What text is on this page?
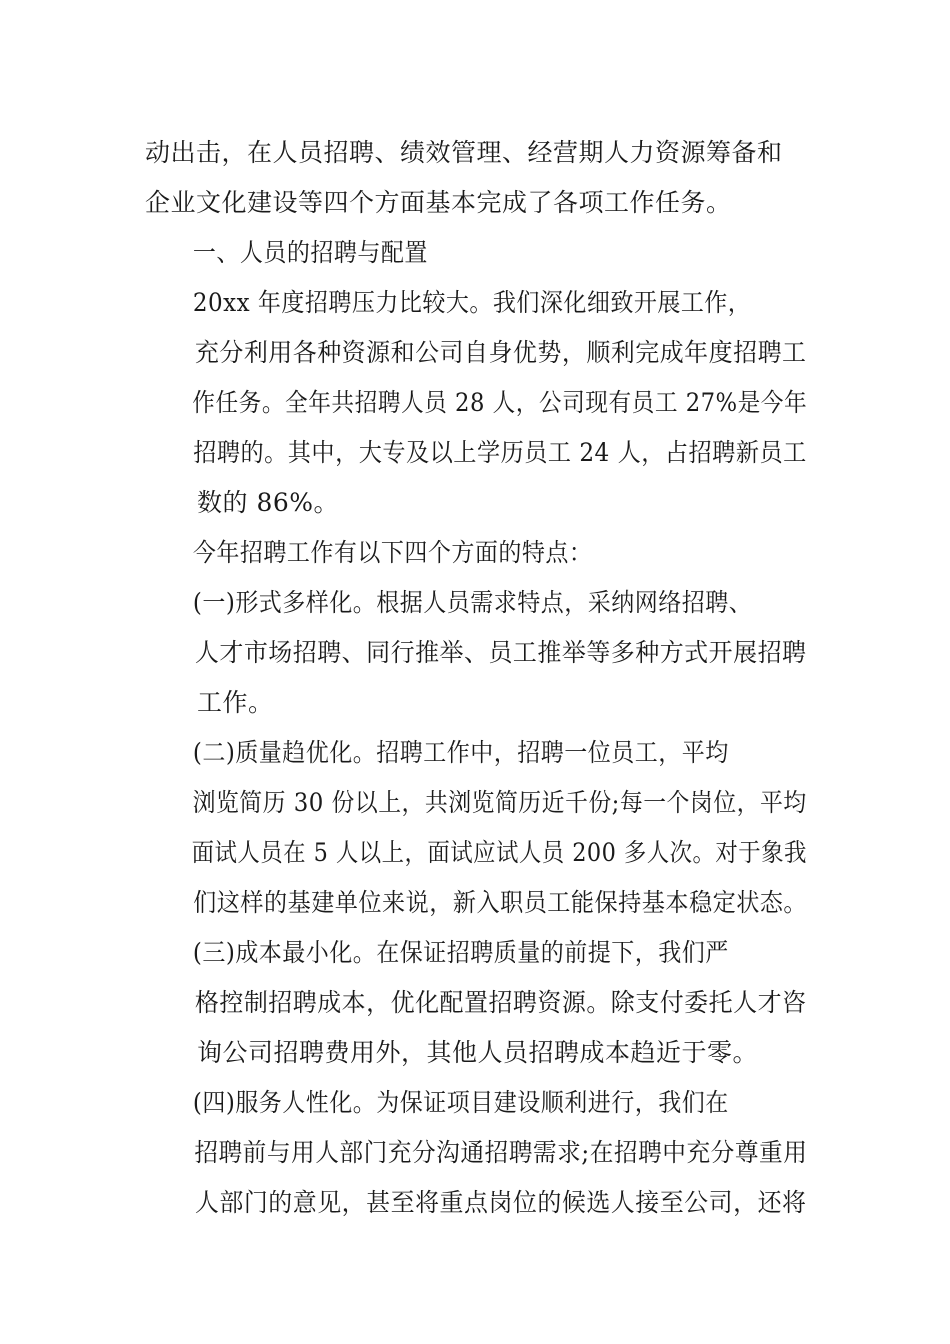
动出击，在人员招聘、绩效管理、经营期人力资源筹备和
企业文化建设等四个方面基本完成了各项工作任务。
一、人员的招聘与配置
20xx 年度招聘压力比较大。我们深化细致开展工作，
充分利用各种资源和公司自身优势，顺利完成年度招聘工
作任务。全年共招聘人员 28 人，公司现有员工 27%是今年
招聘的。其中，大专及以上学历员工 24 人，占招聘新员工
数的 86%。
今年招聘工作有以下四个方面的特点：
(一)形式多样化。根据人员需求特点，采纳网络招聘、
人才市场招聘、同行推举、员工推举等多种方式开展招聘
工作。
(二)质量趋优化。招聘工作中，招聘一位员工，平均
浏览简历 30 份以上，共浏览简历近千份;每一个岗位，平均
面试人员在 5 人以上，面试应试人员 200 多人次。对于象我
们这样的基建单位来说，新入职员工能保持基本稳定状态。
(三)成本最小化。在保证招聘质量的前提下，我们严
格控制招聘成本，优化配置招聘资源。除支付委托人才咨
询公司招聘费用外，其他人员招聘成本趋近于零。
(四)服务人性化。为保证项目建设顺利进行，我们在
招聘前与用人部门充分沟通招聘需求;在招聘中充分尊重用
人部门的意见，甚至将重点岗位的候选人接至公司，还将
